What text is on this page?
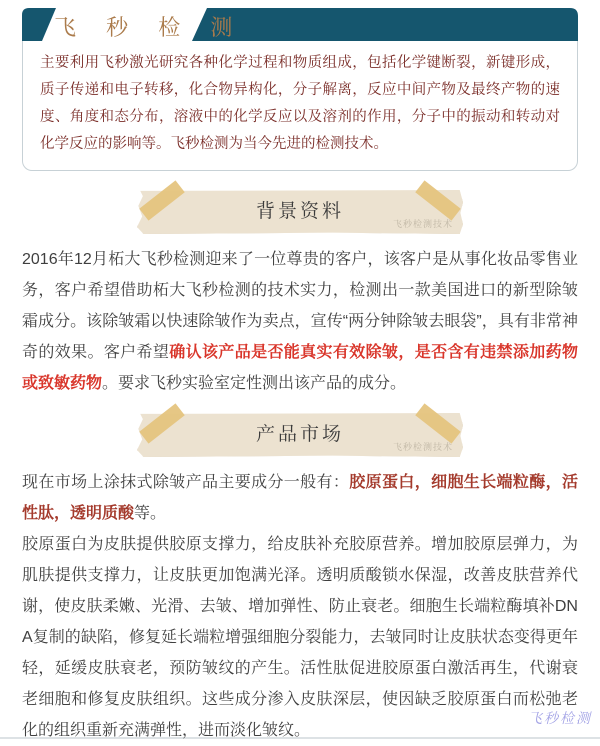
飞 秒 检 测
主要利用飞秒激光研究各种化学过程和物质组成，包括化学键断裂，新键形成，质子传递和电子转移，化合物异构化，分子解离，反应中间产物及最终产物的速度、角度和态分布，溶液中的化学反应以及溶剂的作用，分子中的振动和转动对化学反应的影响等。飞秒检测为当今先进的检测技术。
背景资料
飞秒检测技术

2016年12月柘大飞秒检测迎来了一位尊贵的客户，该客户是从事化妆品零售业务，客户希望借助柘大飞秒检测的技术实力，检测出一款美国进口的新型除皱霜成分。该除皱霜以快速除皱作为卖点，宣传“两分钟除皱去眼袋”，具有非常神奇的效果。客户希望确认该产品是否能真实有效除皱，是否含有违禁添加药物或致敏药物。要求飞秒实验室定性测出该产品的成分。

产品市场
飞秒检测技术

现在市场上涂抹式除皱产品主要成分一般有：胶原蛋白，细胞生长端粒酶，活性肽，透明质酸等。

胶原蛋白为皮肤提供胶原支撑力，给皮肤补充胶原营养。增加胶原层弹力，为肌肤提供支撑力，让皮肤更加饱满光泽。透明质酸锁水保湿，改善皮肤营养代谢，使皮肤柔嫩、光滑、去皱、增加弹性、防止衰老。细胞生长端粒酶填补DNA复制的缺陷，修复延长端粒增强细胞分裂能力，去皱同时让皮肤状态变得更年轻，延缓皮肤衰老，预防皱纹的产生。活性肽促进胶原蛋白激活再生，代谢衰老细胞和修复皮肤组织。这些成分渗入皮肤深层，使因缺乏胶原蛋白而松弛老化的组织重新充满弹性，进而淡化皱纹。

飞秒检测
